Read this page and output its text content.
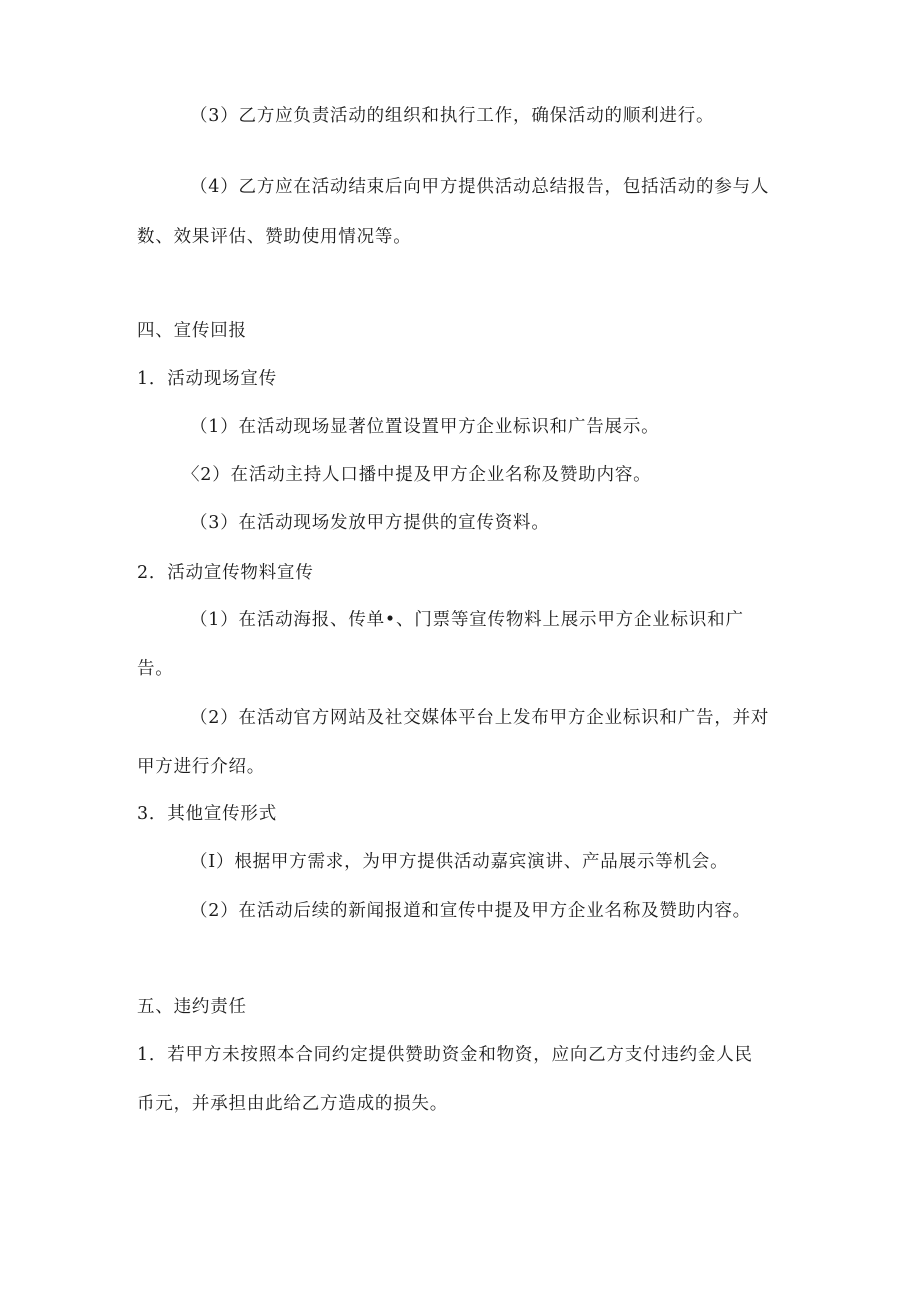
（3）乙方应负责活动的组织和执行工作，确保活动的顺利进行。
（4）乙方应在活动结束后向甲方提供活动总结报告，包括活动的参与人
数、效果评估、赞助使用情况等。
四、宣传回报
1．活动现场宣传
（1）在活动现场显著位置设置甲方企业标识和广告展示。
〈2）在活动主持人口播中提及甲方企业名称及赞助内容。
（3）在活动现场发放甲方提供的宣传资料。
2．活动宣传物料宣传
（1）在活动海报、传单•、门票等宣传物料上展示甲方企业标识和广
告。
（2）在活动官方网站及社交媒体平台上发布甲方企业标识和广告，并对
甲方进行介绍。
3．其他宣传形式
（I）根据甲方需求，为甲方提供活动嘉宾演讲、产品展示等机会。
（2）在活动后续的新闻报道和宣传中提及甲方企业名称及赞助内容。
五、违约责任
1．若甲方未按照本合同约定提供赞助资金和物资，应向乙方支付违约金人民
币元，并承担由此给乙方造成的损失。
